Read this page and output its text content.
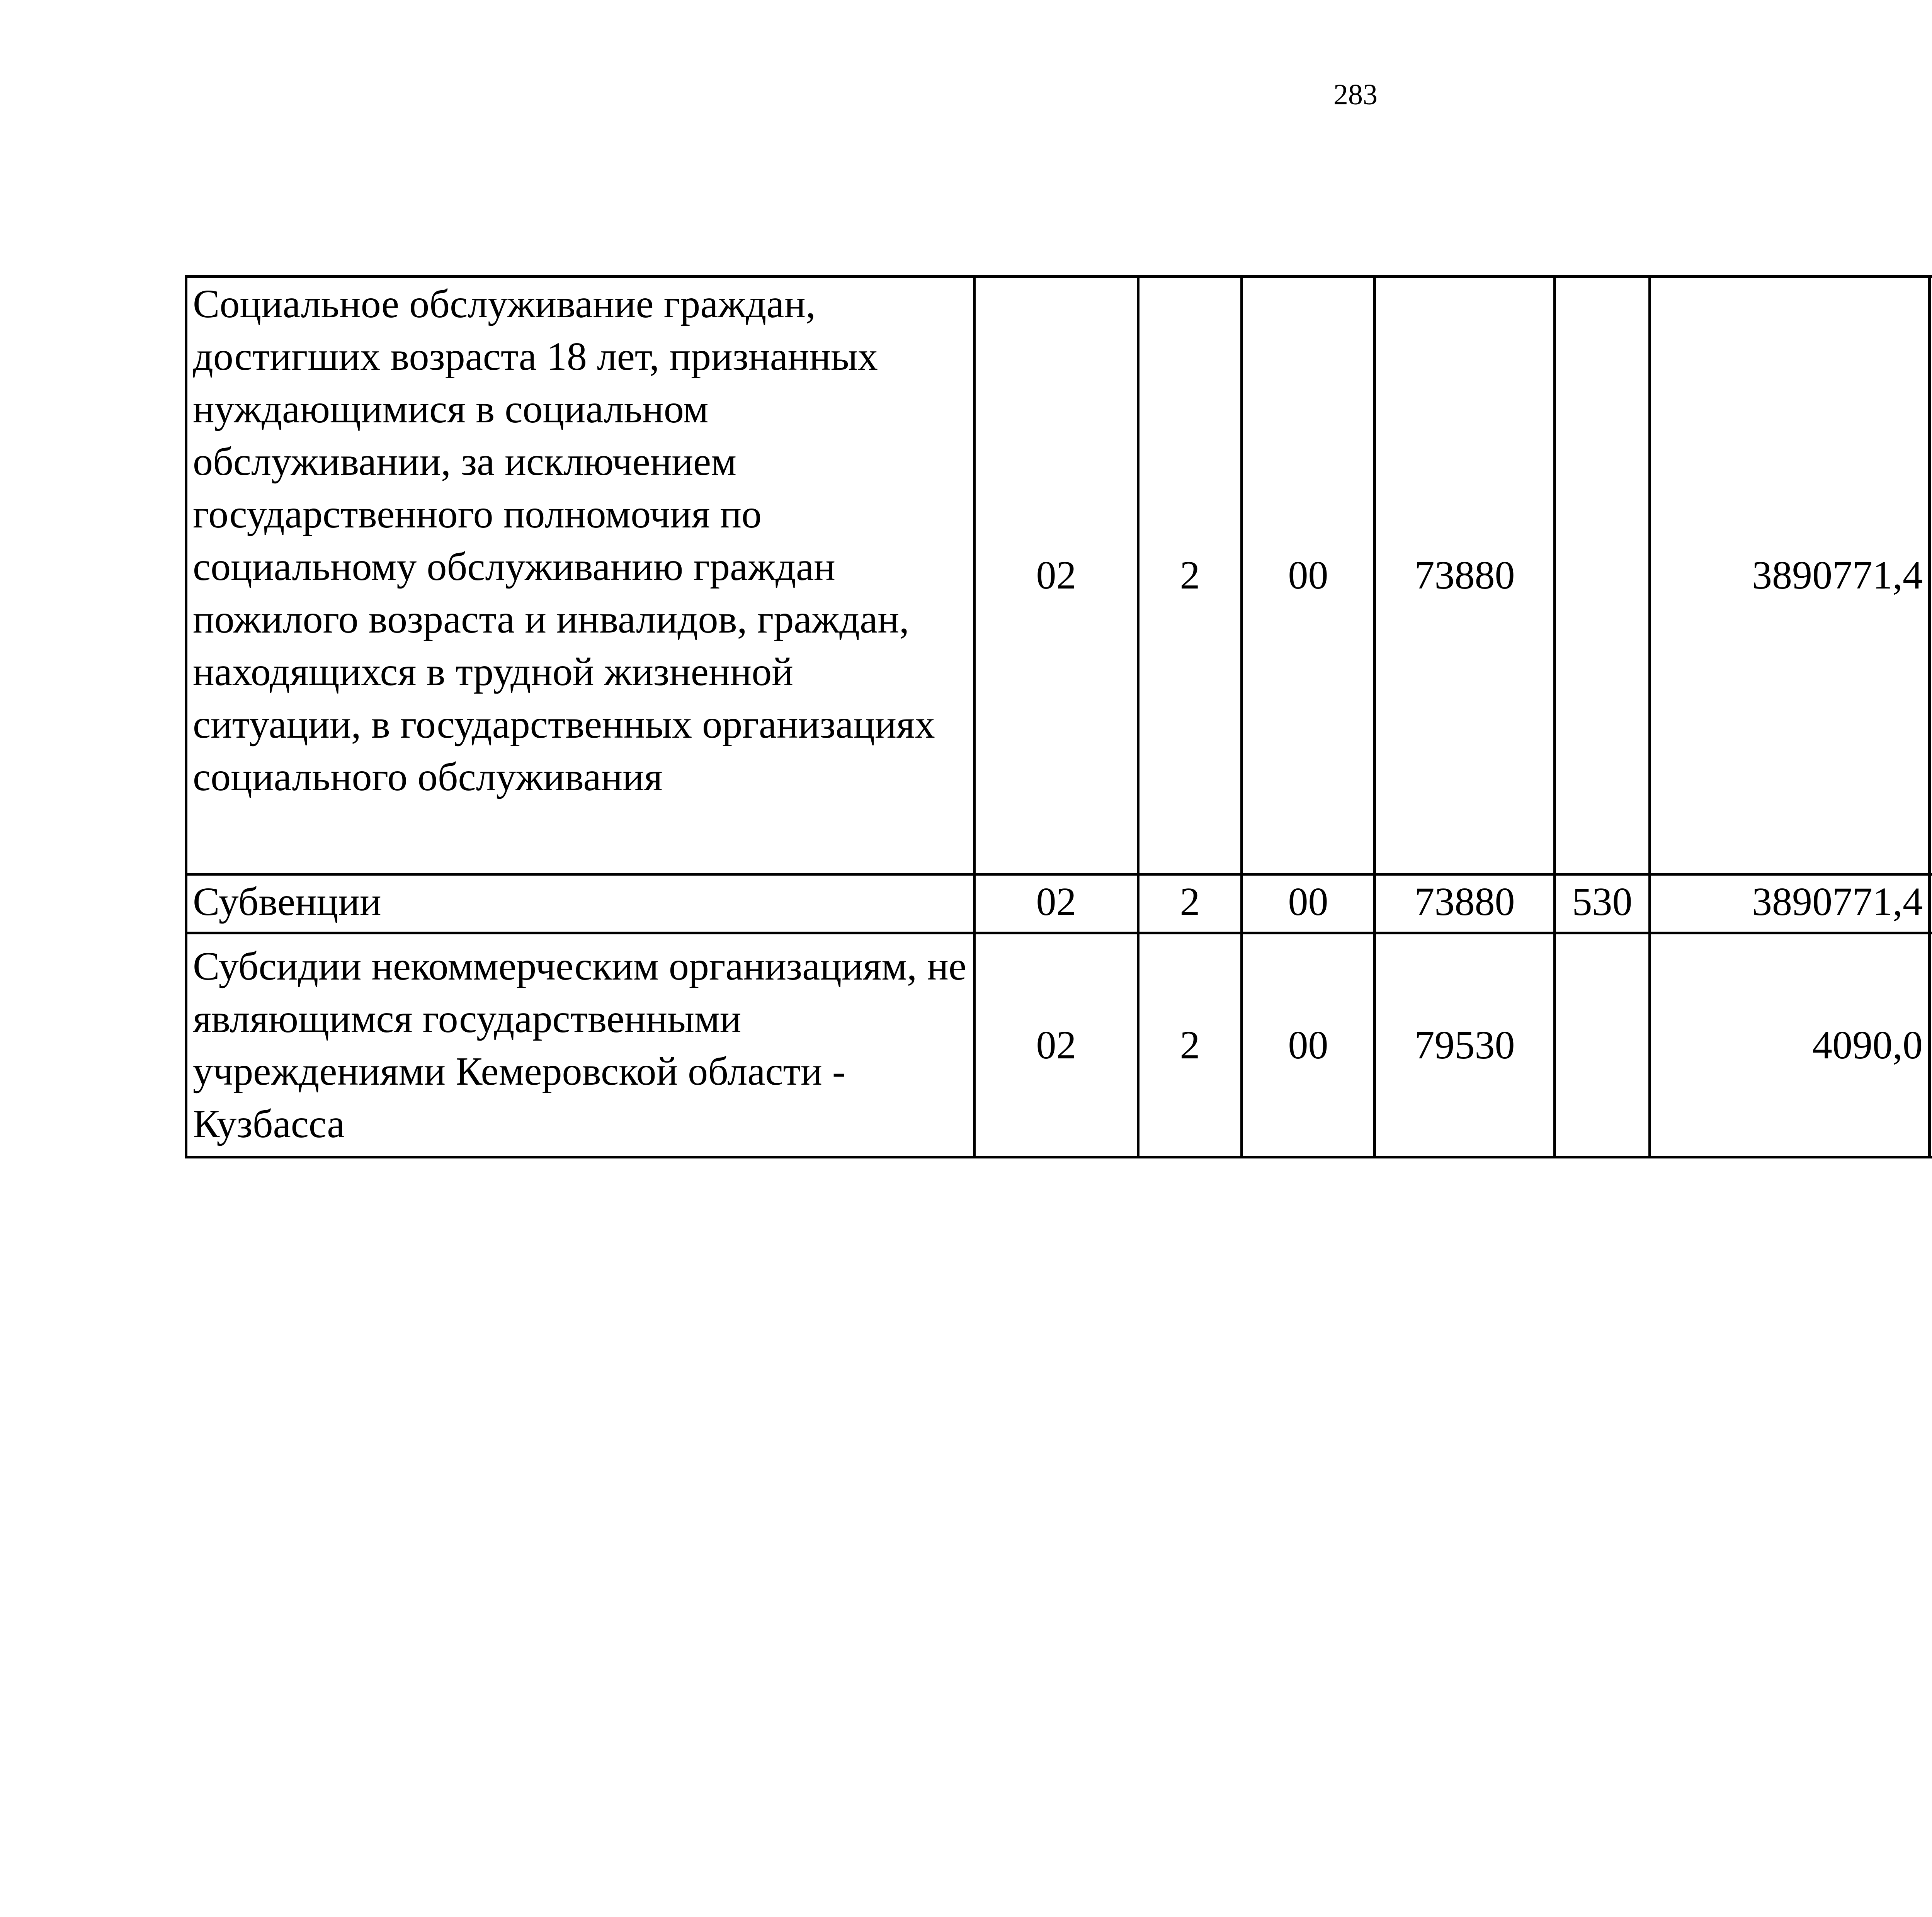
283
Социальное обслуживание граждан, достигших возраста 18 лет, признанных нуждающимися в социальном обслуживании, за исключением государственного полномочия по социальному обслуживанию граждан пожилого возраста и инвалидов, граждан, находящихся в трудной жизненной ситуации, в государственных организациях социального обслуживания	02	2	00	73880		3890771,4		
Субвенции	02	2	00	73880	530	3890771,4		
Субсидии некоммерческим организациям, не являющимся государственными учреждениями Кемеровской области - Кузбасса	02	2	00	79530		4090,0		
